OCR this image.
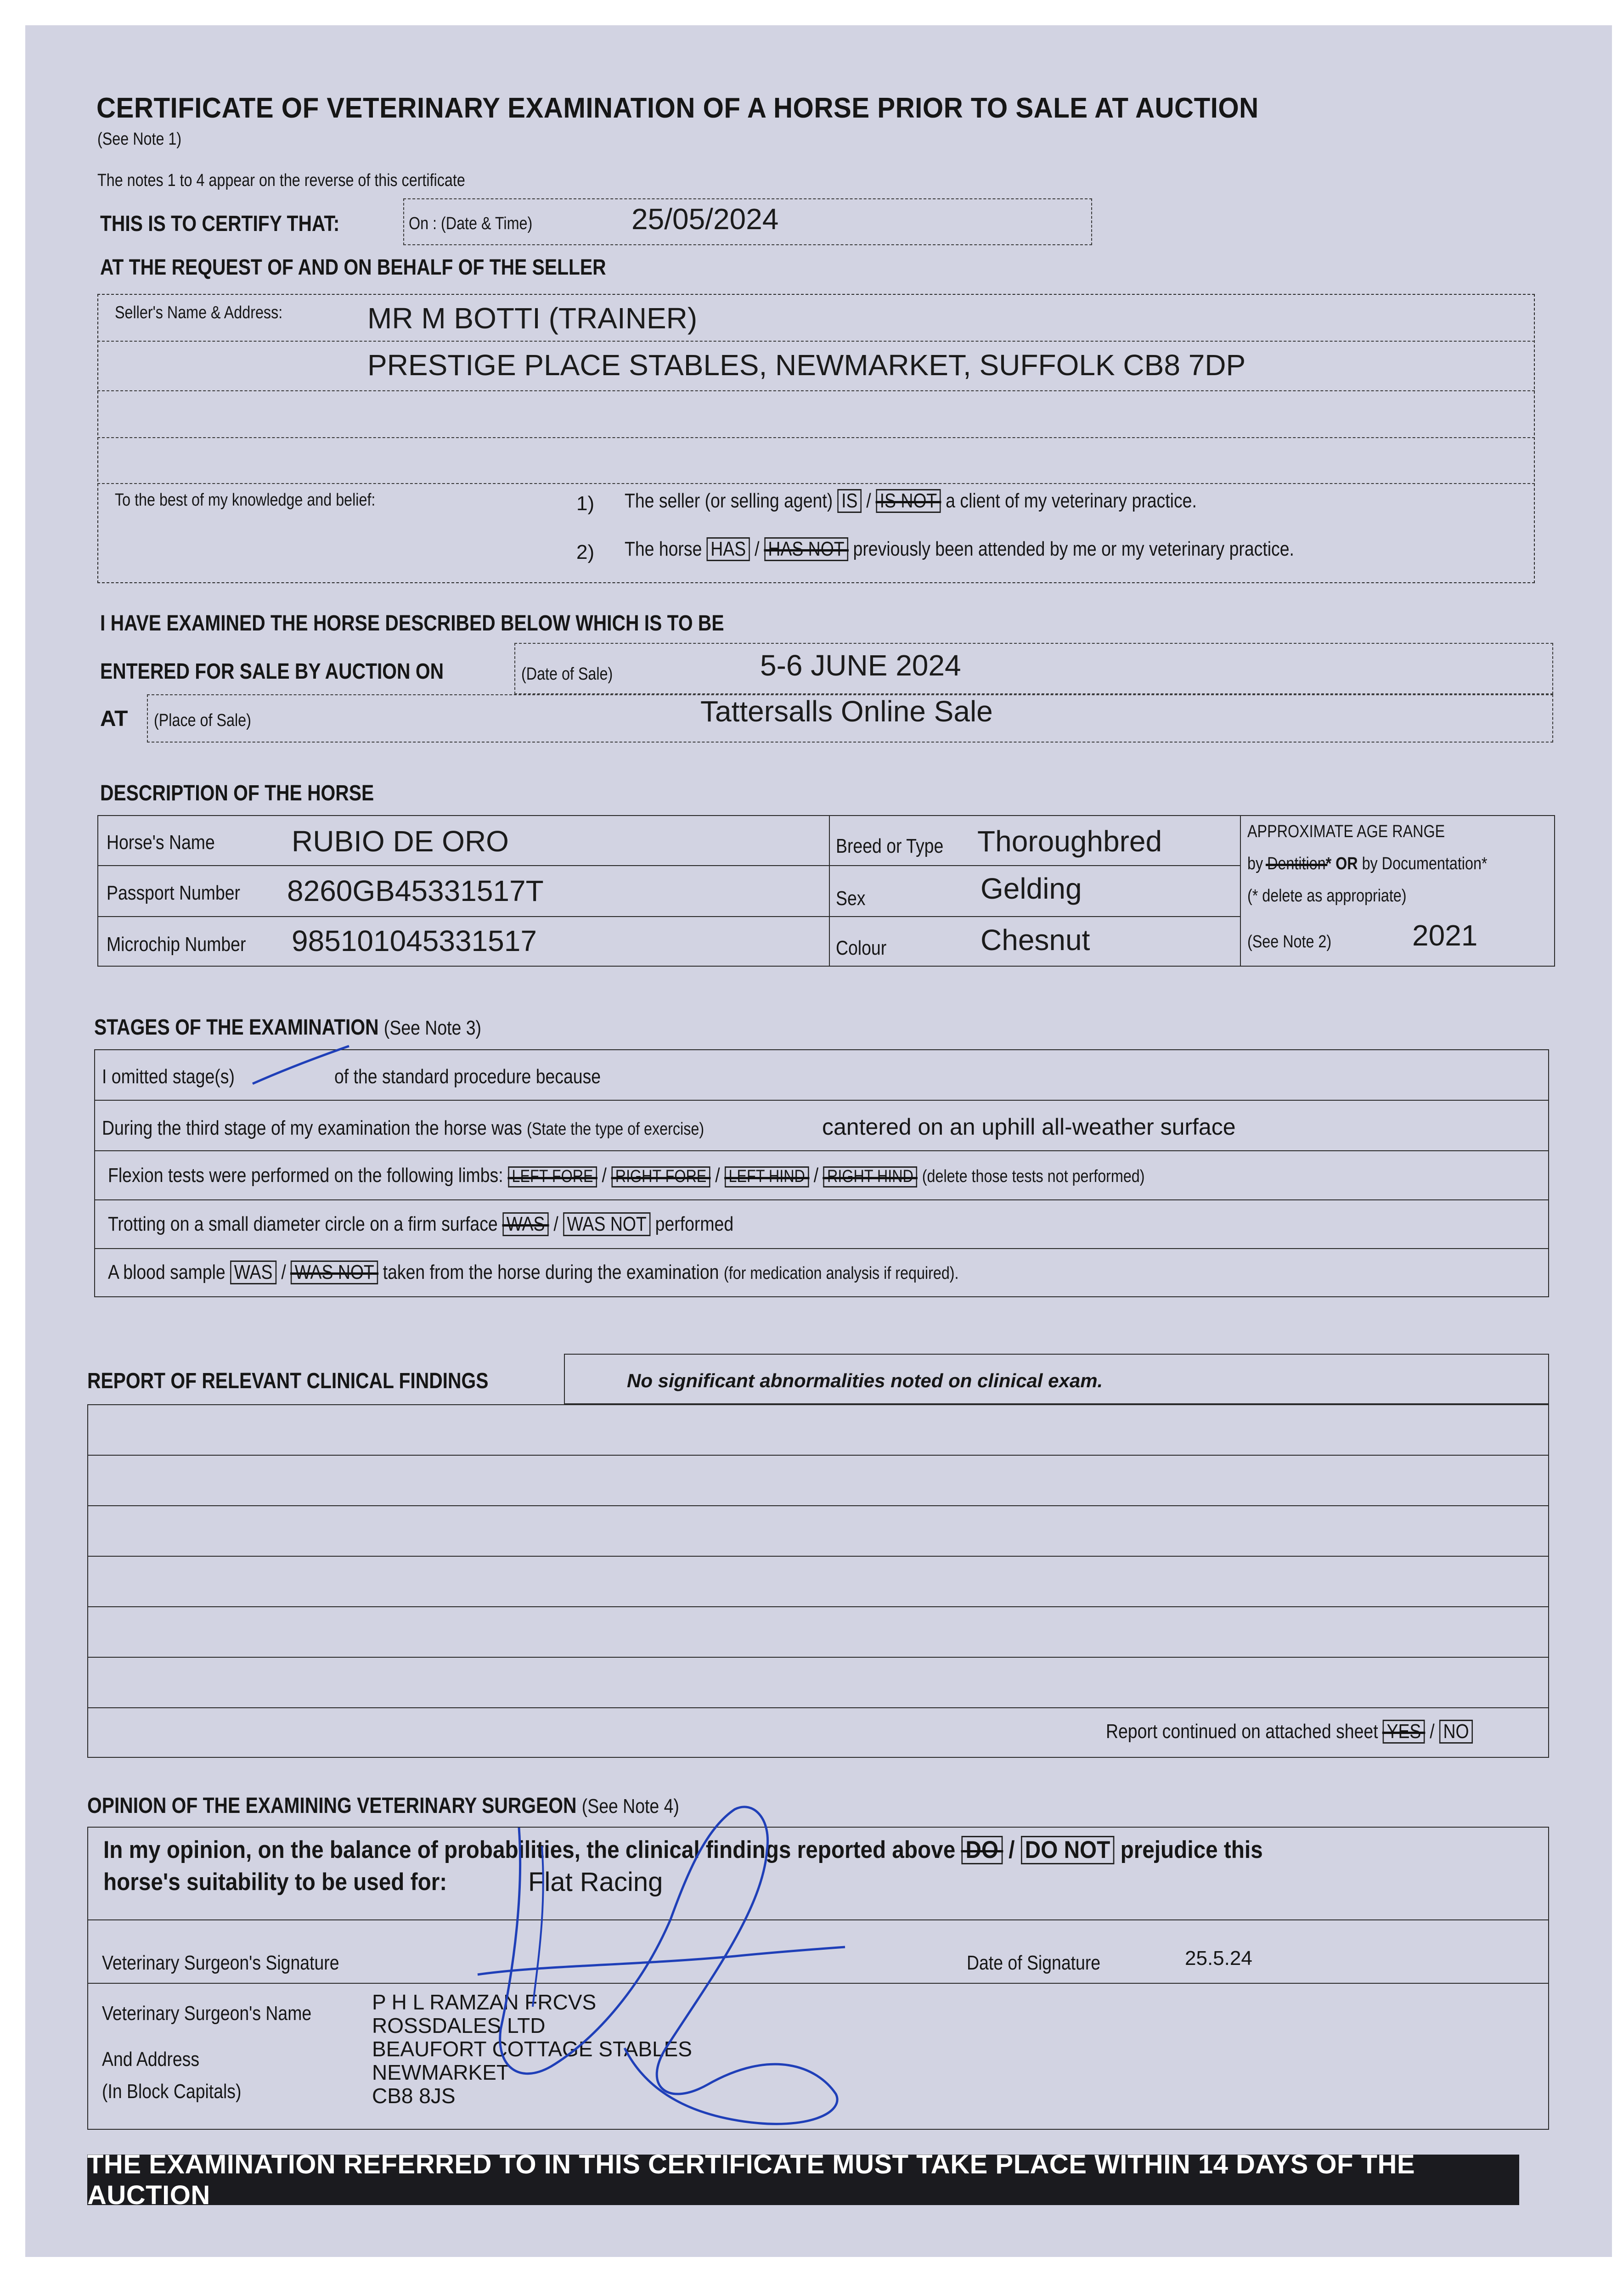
CERTIFICATE OF VETERINARY EXAMINATION OF A HORSE PRIOR TO SALE AT AUCTION
(See Note 1)
The notes 1 to 4 appear on the reverse of this certificate
THIS IS TO CERTIFY THAT:	On : (Date & Time)	25/05/2024
AT THE REQUEST OF AND ON BEHALF OF THE SELLER
Seller's Name & Address:	MR M BOTTI (TRAINER)
PRESTIGE PLACE STABLES, NEWMARKET, SUFFOLK CB8 7DP
To the best of my knowledge and belief:	1) The seller (or selling agent) IS / IS NOT a client of my veterinary practice.
2) The horse HAS / HAS NOT previously been attended by me or my veterinary practice.
I HAVE EXAMINED THE HORSE DESCRIBED BELOW WHICH IS TO BE
ENTERED FOR SALE BY AUCTION ON	(Date of Sale)	5-6 JUNE 2024
AT (Place of Sale)	Tattersalls Online Sale
DESCRIPTION OF THE HORSE
Horse's Name	RUBIO DE ORO
Passport Number 8260GB45331517T
Microchip Number 985101045331517
Breed or Type Thoroughbred
Sex	Gelding
Colour	Chesnut
APPROXIMATE AGE RANGE
by Dentition* OR by Documentation*
(* delete as appropriate)
(See Note 2)	2021
STAGES OF THE EXAMINATION (See Note 3)
I omitted stage(s)	of the standard procedure because
During the third stage of my examination the horse was (State the type of exercise)	cantered on an uphill all-weather surface
Flexion tests were performed on the following limbs: LEFT FORE / RIGHT FORE / LEFT HIND / RIGHT HIND (delete those tests not performed)
Trotting on a small diameter circle on a firm surface WAS / WAS NOT performed
A blood sample WAS / WAS NOT taken from the horse during the examination (for medication analysis if required).
REPORT OF RELEVANT CLINICAL FINDINGS	No significant abnormalities noted on clinical exam.
Report continued on attached sheet YES / NO
OPINION OF THE EXAMINING VETERINARY SURGEON (See Note 4)
In my opinion, on the balance of probabilities, the clinical findings reported above DO / DO NOT prejudice this
horse's suitability to be used for:	Flat Racing
Veterinary Surgeon's Signature	Date of Signature	25.5.24
Veterinary Surgeon's Name
And Address
(In Block Capitals)
P H L RAMZAN FRCVS
ROSSDALES LTD
BEAUFORT COTTAGE STABLES
NEWMARKET
CB8 8JS
THE EXAMINATION REFERRED TO IN THIS CERTIFICATE MUST TAKE PLACE WITHIN 14 DAYS OF THE AUCTION
